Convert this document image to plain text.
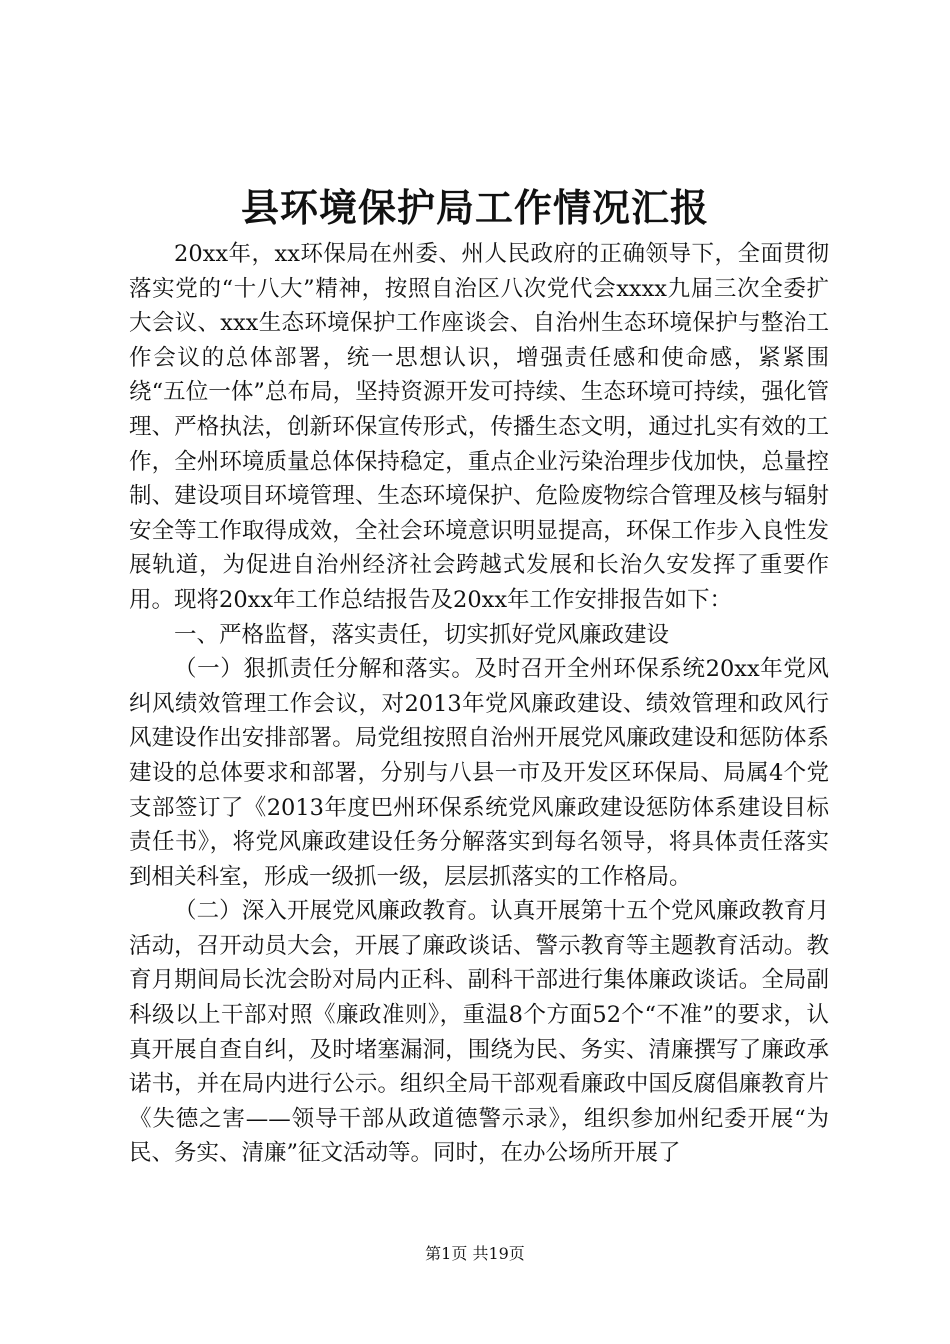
县环境保护局工作情况汇报

20xx年，xx环保局在州委、州人民政府的正确领导下，全面贯彻落实党的“十八大”精神，按照自治区八次党代会xxxx九届三次全委扩大会议、xxx生态环境保护工作座谈会、自治州生态环境保护与整治工作会议的总体部署，统一思想认识，增强责任感和使命感，紧紧围绕“五位一体”总布局，坚持资源开发可持续、生态环境可持续，强化管理、严格执法，创新环保宣传形式，传播生态文明，通过扎实有效的工作，全州环境质量总体保持稳定，重点企业污染治理步伐加快，总量控制、建设项目环境管理、生态环境保护、危险废物综合管理及核与辐射安全等工作取得成效，全社会环境意识明显提高，环保工作步入良性发展轨道，为促进自治州经济社会跨越式发展和长治久安发挥了重要作用。现将20xx年工作总结报告及20xx年工作安排报告如下：

一、严格监督，落实责任，切实抓好党风廉政建设

（一）狠抓责任分解和落实。及时召开全州环保系统20xx年党风纠风绩效管理工作会议，对2013年党风廉政建设、绩效管理和政风行风建设作出安排部署。局党组按照自治州开展党风廉政建设和惩防体系建设的总体要求和部署，分别与八县一市及开发区环保局、局属4个党支部签订了《2013年度巴州环保系统党风廉政建设惩防体系建设目标责任书》，将党风廉政建设任务分解落实到每名领导，将具体责任落实到相关科室，形成一级抓一级，层层抓落实的工作格局。

（二）深入开展党风廉政教育。认真开展第十五个党风廉政教育月活动，召开动员大会，开展了廉政谈话、警示教育等主题教育活动。教育月期间局长沈会盼对局内正科、副科干部进行集体廉政谈话。全局副科级以上干部对照《廉政准则》，重温8个方面52个“不准”的要求，认真开展自查自纠，及时堵塞漏洞，围绕为民、务实、清廉撰写了廉政承诺书，并在局内进行公示。组织全局干部观看廉政中国反腐倡廉教育片《失德之害——领导干部从政道德警示录》，组织参加州纪委开展“为民、务实、清廉”征文活动等。同时，在办公场所开展了

第1页 共19页
